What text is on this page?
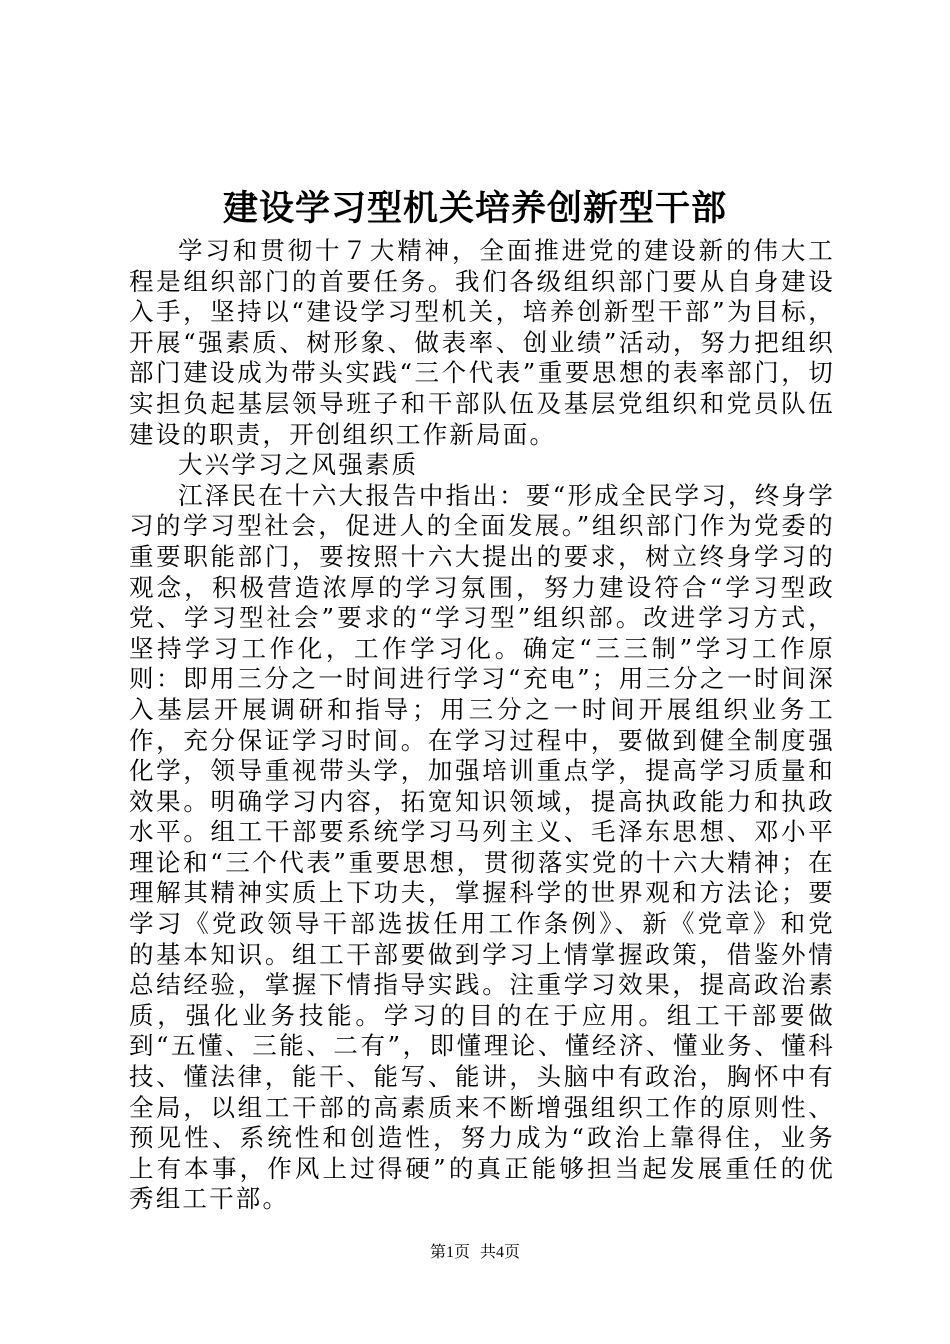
建设学习型机关培养创新型干部

学习和贯彻十７大精神，全面推进党的建设新的伟大工程是组织部门的首要任务。我们各级组织部门要从自身建设入手，坚持以“建设学习型机关，培养创新型干部”为目标，开展“强素质、树形象、做表率、创业绩”活动，努力把组织部门建设成为带头实践“三个代表”重要思想的表率部门，切实担负起基层领导班子和干部队伍及基层党组织和党员队伍建设的职责，开创组织工作新局面。

大兴学习之风强素质

江泽民在十六大报告中指出：要“形成全民学习，终身学习的学习型社会，促进人的全面发展。”组织部门作为党委的重要职能部门，要按照十六大提出的要求，树立终身学习的观念，积极营造浓厚的学习氛围，努力建设符合“学习型政党、学习型社会”要求的“学习型”组织部。改进学习方式，坚持学习工作化，工作学习化。确定“三三制”学习工作原则：即用三分之一时间进行学习“充电”；用三分之一时间深入基层开展调研和指导；用三分之一时间开展组织业务工作，充分保证学习时间。在学习过程中，要做到健全制度强化学，领导重视带头学，加强培训重点学，提高学习质量和效果。明确学习内容，拓宽知识领域，提高执政能力和执政水平。组工干部要系统学习马列主义、毛泽东思想、邓小平理论和“三个代表”重要思想，贯彻落实党的十六大精神；在理解其精神实质上下功夫，掌握科学的世界观和方法论；要学习《党政领导干部选拔任用工作条例》、新《党章》和党的基本知识。组工干部要做到学习上情掌握政策，借鉴外情总结经验，掌握下情指导实践。注重学习效果，提高政治素质，强化业务技能。学习的目的在于应用。组工干部要做到“五懂、三能、二有”，即懂理论、懂经济、懂业务、懂科技、懂法律，能干、能写、能讲，头脑中有政治，胸怀中有全局，以组工干部的高素质来不断增强组织工作的原则性、预见性、系统性和创造性，努力成为“政治上靠得住，业务上有本事，作风上过得硬”的真正能够担当起发展重任的优秀组工干部。

第1页 共4页
